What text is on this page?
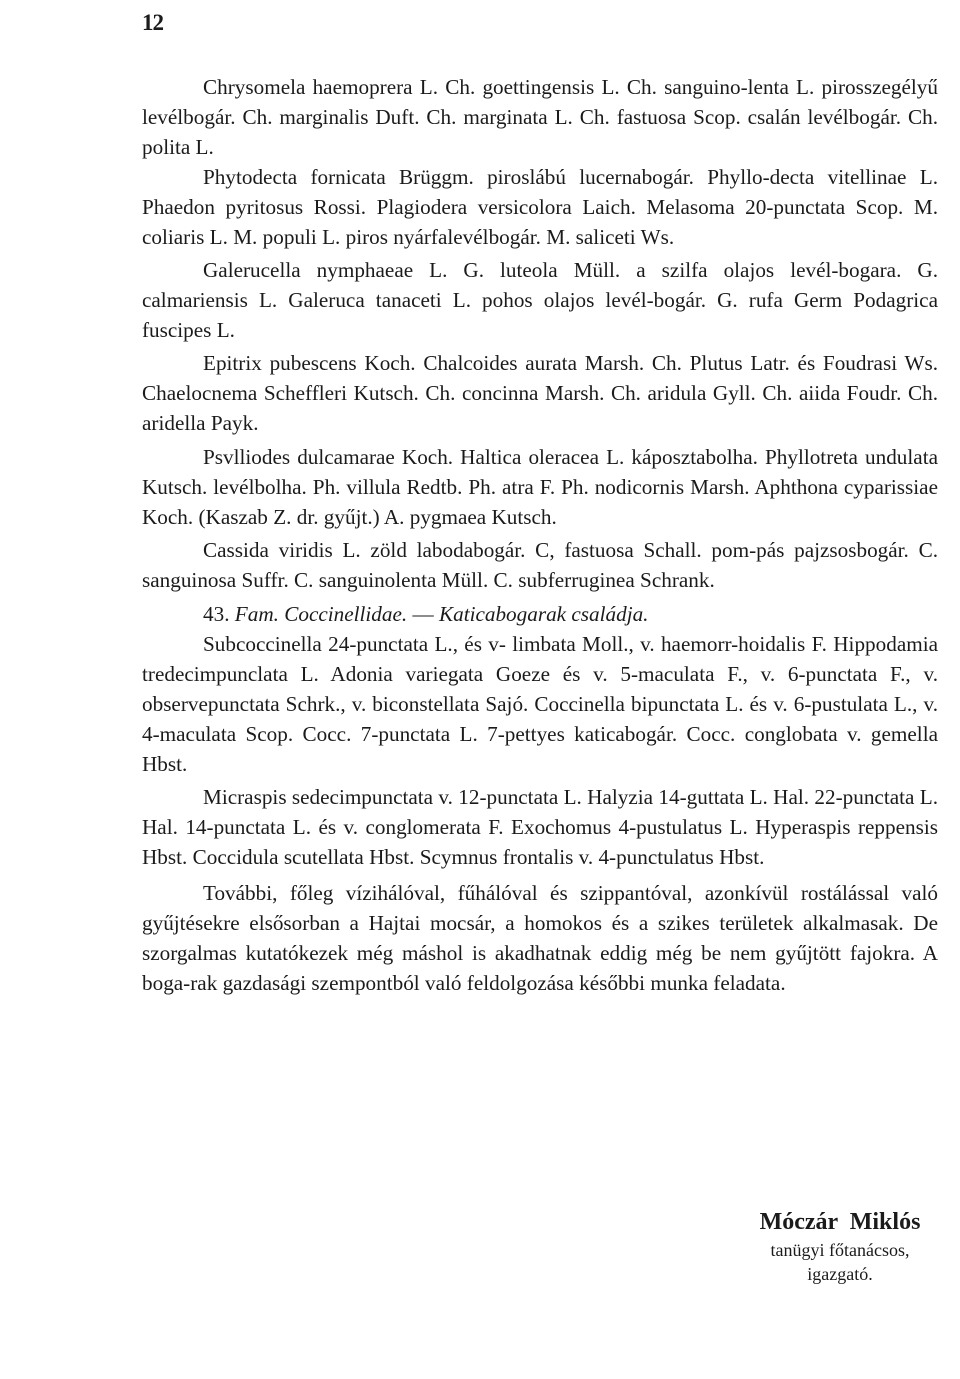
12

Chrysomela haemoprera L. Ch. goettingensis L. Ch. sanguino-lenta L. pirosszegélyű levélbogár. Ch. marginalis Duft. Ch. marginata L. Ch. fastuosa Scop. csalán levélbogár. Ch. polita L.

Phytodecta fornicata Brüggm. piroslábú lucernabogár. Phyllo-decta vitellinae L. Phaedon pyritosus Rossi. Plagiodera versicolora Laich. Melasoma 20-punctata Scop. M. coliaris L. M. populi L. piros nyárfalevélbogár. M. saliceti Ws.

Galerucella nymphaeae L. G. luteola Müll. a szilfa olajos levél-bogara. G. calmariensis L. Galeruca tanaceti L. pohos olajos levél-bogár. G. rufa Germ Podagrica fuscipes L.

Epitrix pubescens Koch. Chalcoides aurata Marsh. Ch. Plutus Latr. és Foudrasi Ws. Chaelocnema Scheffleri Kutsch. Ch. concinna Marsh. Ch. aridula Gyll. Ch. aiida Foudr. Ch. aridella Payk.

Psvlliodes dulcamarae Koch. Haltica oleracea L. káposztabolha. Phyllotreta undulata Kutsch. levélbolha. Ph. villula Redtb. Ph. atra F. Ph. nodicornis Marsh. Aphthona cyparissiae Koch. (Kaszab Z. dr. gyűjt.) A. pygmaea Kutsch.

Cassida viridis L. zöld labodabogár. C, fastuosa Schall. pom-pás pajzsosbogár. C. sanguinosa Suffr. C. sanguinolenta Müll. C. subferruginea Schrank.

43. Fam. Coccinellidae. — Katicabogarak családja.

Subcoccinella 24-punctata L., és v- limbata Moll., v. haemorr-hoidalis F. Hippodamia tredecimpunclata L. Adonia variegata Goeze és v. 5-maculata F., v. 6-punctata F., v. observepunctata Schrk., v. biconstellata Sajó. Coccinella bipunctata L. és v. 6-pustulata L., v. 4-maculata Scop. Cocc. 7-punctata L. 7-pettyes katicabogár. Cocc. conglobata v. gemella Hbst.

Micraspis sedecimpunctata v. 12-punctata L. Halyzia 14-guttata L. Hal. 22-punctata L. Hal. 14-punctata L. és v. conglomerata F. Exochomus 4-pustulatus L. Hyperaspis reppensis Hbst. Coccidula scutellata Hbst. Scymnus frontalis v. 4-punctulatus Hbst.

További, főleg vízihálóval, fűhálóval és szippantóval, azonkívül rostálással való gyűjtésekre elsősorban a Hajtai mocsár, a homokos és a szikes területek alkalmasak. De szorgalmas kutatókezek még máshol is akadhatnak eddig még be nem gyűjtött fajokra. A boga-rak gazdasági szempontból való feldolgozása későbbi munka feladata.

Móczár Miklós
tanügyi főtanácsos,
igazgató.
